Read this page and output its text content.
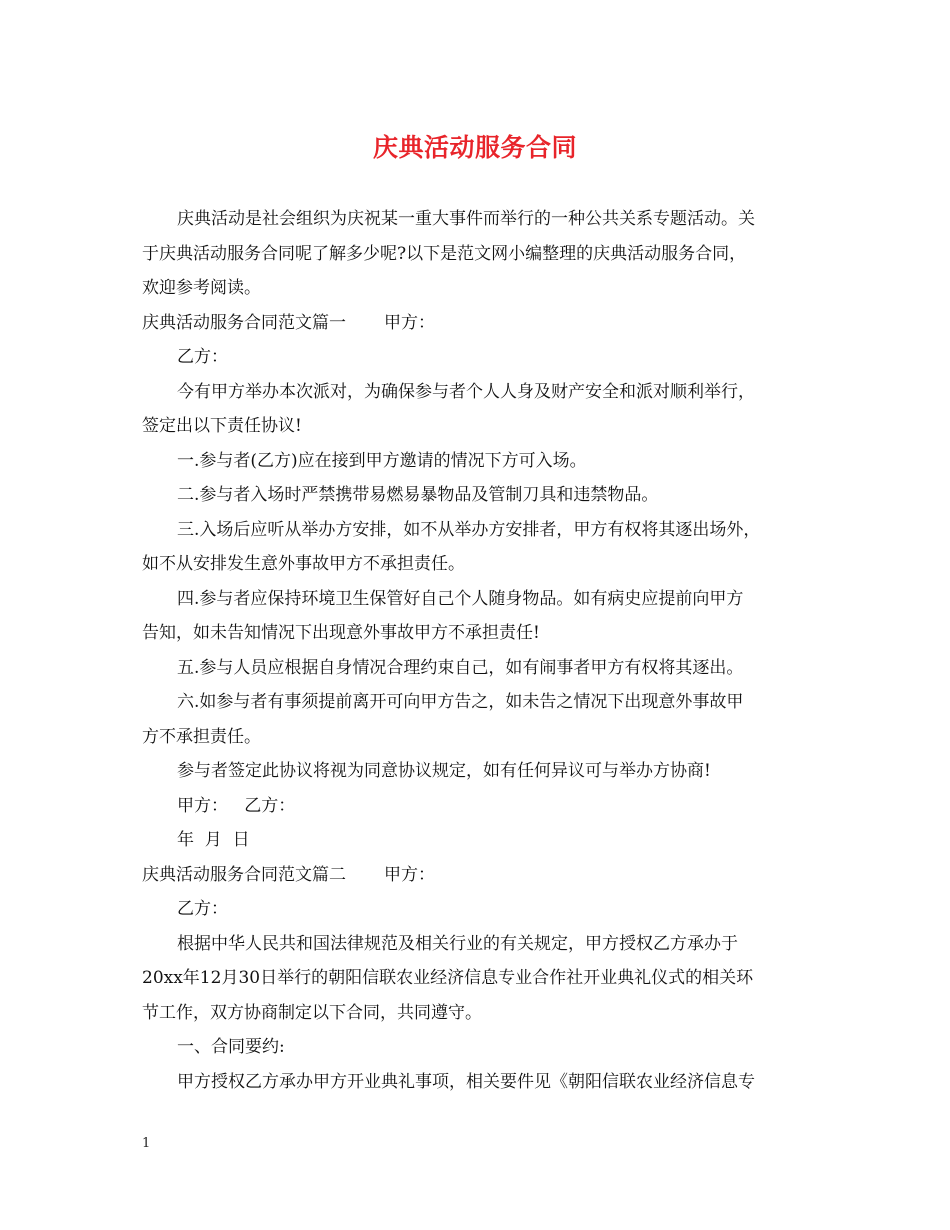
庆典活动服务合同
庆典活动是社会组织为庆祝某一重大事件而举行的一种公共关系专题活动。关
于庆典活动服务合同呢了解多少呢?以下是范文网小编整理的庆典活动服务合同，
欢迎参考阅读。
庆典活动服务合同范文篇一 甲方：
乙方：
今有甲方举办本次派对，为确保参与者个人人身及财产安全和派对顺利举行，
签定出以下责任协议!
一.参与者(乙方)应在接到甲方邀请的情况下方可入场。
二.参与者入场时严禁携带易燃易暴物品及管制刀具和违禁物品。
三.入场后应听从举办方安排，如不从举办方安排者，甲方有权将其逐出场外，
如不从安排发生意外事故甲方不承担责任。
四.参与者应保持环境卫生保管好自己个人随身物品。如有病史应提前向甲方
告知，如未告知情况下出现意外事故甲方不承担责任!
五.参与人员应根据自身情况合理约束自己，如有闹事者甲方有权将其逐出。
六.如参与者有事须提前离开可向甲方告之，如未告之情况下出现意外事故甲
方不承担责任。
参与者签定此协议将视为同意协议规定，如有任何异议可与举办方协商!
甲方： 乙方：
年  月  日
庆典活动服务合同范文篇二 甲方：
乙方：
根据中华人民共和国法律规范及相关行业的有关规定，甲方授权乙方承办于
20xx年12月30日举行的朝阳信联农业经济信息专业合作社开业典礼仪式的相关环
节工作，双方协商制定以下合同，共同遵守。
一、合同要约:
甲方授权乙方承办甲方开业典礼事项，相关要件见《朝阳信联农业经济信息专
1
